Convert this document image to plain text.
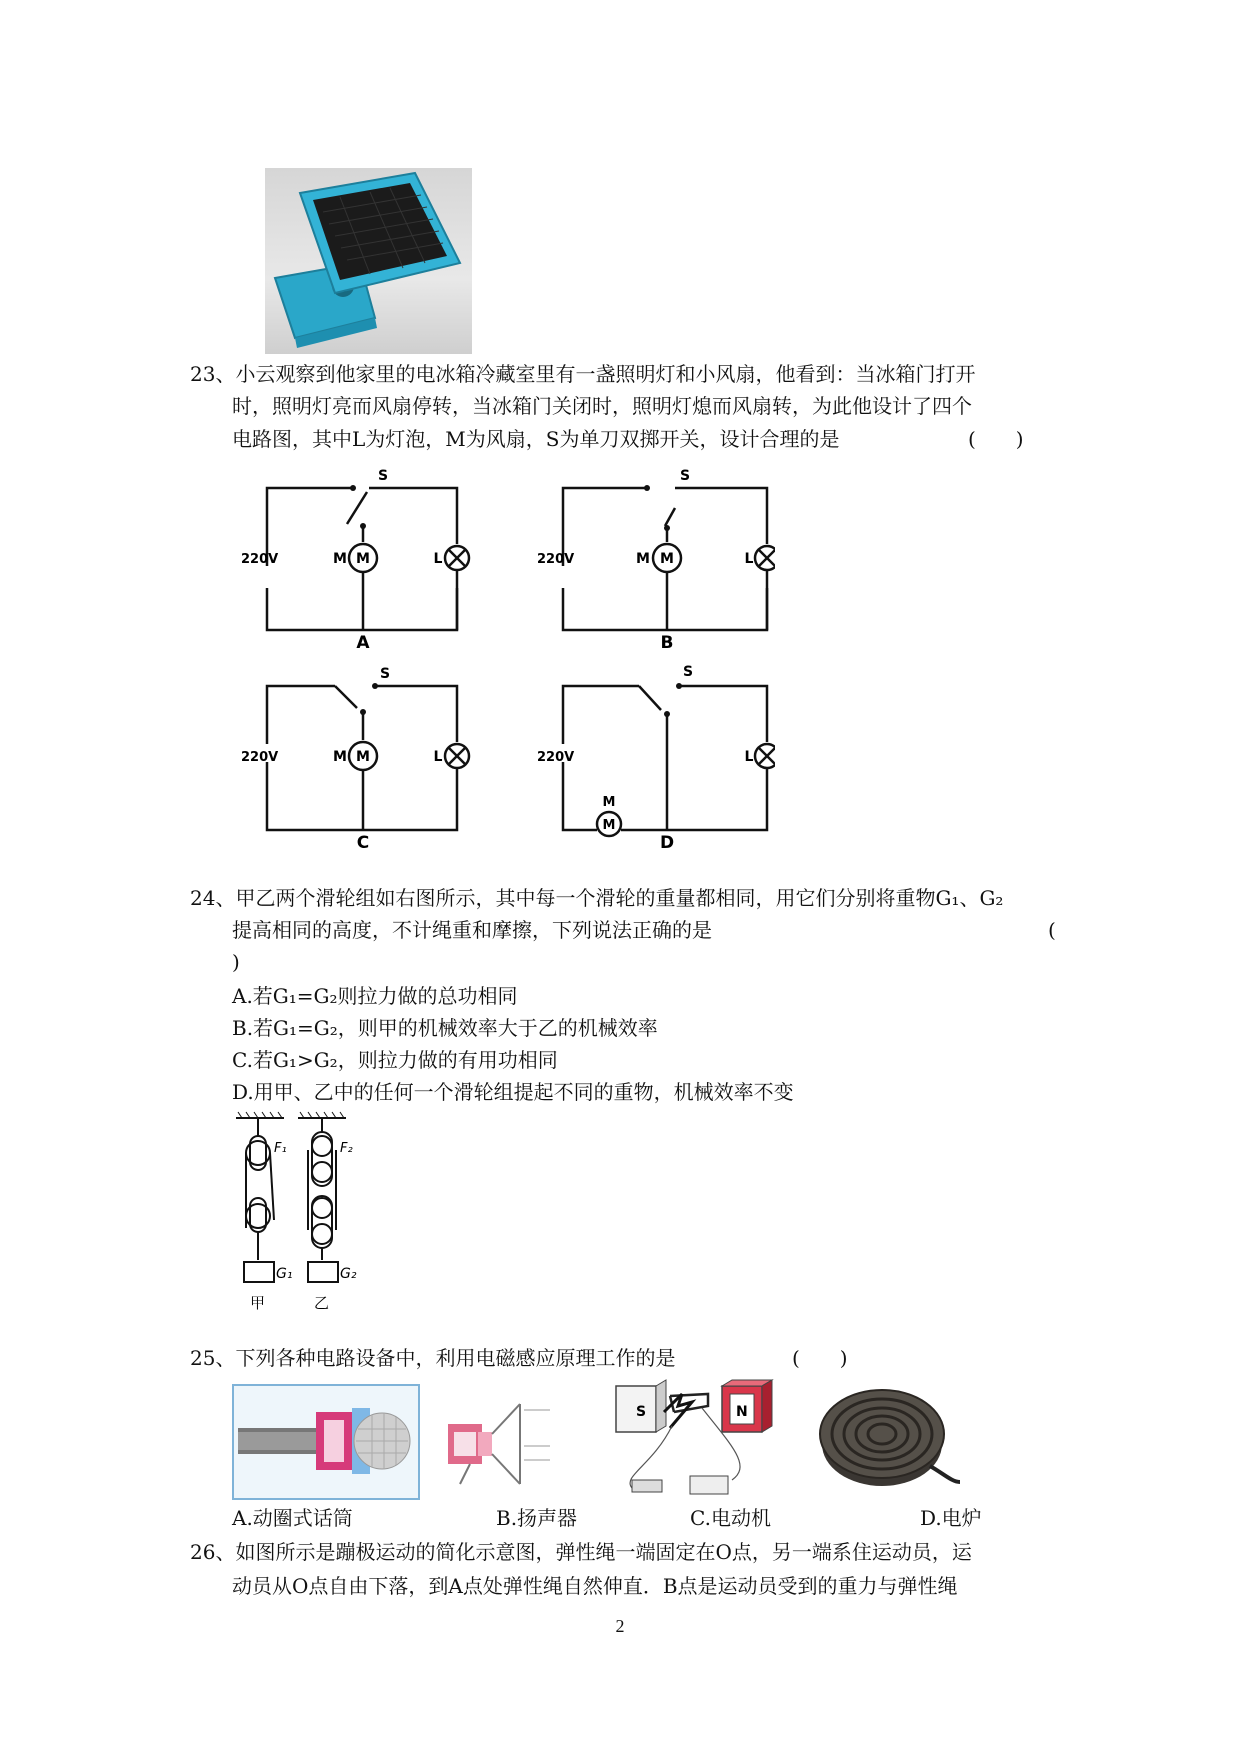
23、小云观察到他家里的电冰箱冷藏室里有一盏照明灯和小风扇，他看到：当冰箱门打开
时，照明灯亮而风扇停转，当冰箱门关闭时，照明灯熄而风扇转，为此他设计了四个
电路图，其中L为灯泡，M为风扇，S为单刀双掷开关，设计合理的是	(　　)
M
M	L
S
220V
A
M
M	L
S
220V
B
M
M	L
S
220V
C
M
M
L
S
220V
D
24、甲乙两个滑轮组如右图所示，其中每一个滑轮的重量都相同，用它们分别将重物G₁、G₂
提高相同的高度，不计绳重和摩擦，下列说法正确的是	(
)
A.若G₁=G₂则拉力做的总功相同
B.若G₁=G₂，则甲的机械效率大于乙的机械效率
C.若G₁>G₂，则拉力做的有用功相同
D.用甲、乙中的任何一个滑轮组提起不同的重物，机械效率不变
F₁	F₂
G₁	G₂
甲	乙
25、下列各种电路设备中，利用电磁感应原理工作的是	(　　)
S	N
A.动圈式话筒	B.扬声器	C.电动机	D.电炉
26、如图所示是蹦极运动的简化示意图，弹性绳一端固定在O点，另一端系住运动员，运
动员从O点自由下落，到A点处弹性绳自然伸直．B点是运动员受到的重力与弹性绳
2
